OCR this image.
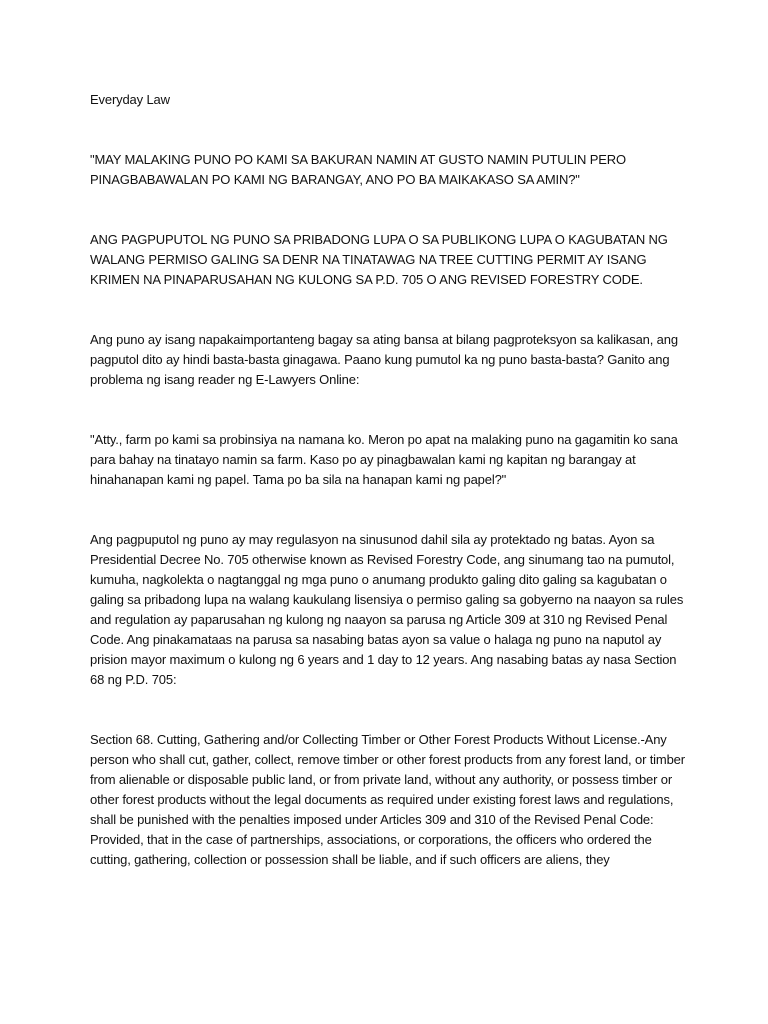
Everyday Law

"MAY MALAKING PUNO PO KAMI SA BAKURAN NAMIN AT GUSTO NAMIN PUTULIN PERO PINAGBABAWALAN PO KAMI NG BARANGAY, ANO PO BA MAIKAKASO SA AMIN?"

ANG PAGPUPUTOL NG PUNO SA PRIBADONG LUPA O SA PUBLIKONG LUPA O KAGUBATAN NG WALANG PERMISO GALING SA DENR NA TINATAWAG NA TREE CUTTING PERMIT AY ISANG KRIMEN NA PINAPARUSAHAN NG KULONG SA P.D. 705 O ANG REVISED FORESTRY CODE.

Ang puno ay isang napakaimportanteng bagay sa ating bansa at bilang pagproteksyon sa kalikasan, ang pagputol dito ay hindi basta-basta ginagawa. Paano kung pumutol ka ng puno basta-basta? Ganito ang problema ng isang reader ng E-Lawyers Online:

"Atty., farm po kami sa probinsiya na namana ko. Meron po apat na malaking puno na gagamitin ko sana para bahay na tinatayo namin sa farm. Kaso po ay pinagbawalan kami ng kapitan ng barangay at hinahanapan kami ng papel. Tama po ba sila na hanapan kami ng papel?"

Ang pagpuputol ng puno ay may regulasyon na sinusunod dahil sila ay protektado ng batas. Ayon sa Presidential Decree No. 705 otherwise known as Revised Forestry Code, ang sinumang tao na pumutol, kumuha, nagkolekta o nagtanggal ng mga puno o anumang produkto galing dito galing sa kagubatan o galing sa pribadong lupa na walang kaukulang lisensiya o permiso galing sa gobyerno na naayon sa rules and regulation ay paparusahan ng kulong ng naayon sa parusa ng Article 309 at 310 ng Revised Penal Code. Ang pinakamataas na parusa sa nasabing batas ayon sa value o halaga ng puno na naputol ay prision mayor maximum o kulong ng 6 years and 1 day to 12 years. Ang nasabing batas ay nasa Section 68 ng P.D. 705:

Section 68. Cutting, Gathering and/or Collecting Timber or Other Forest Products Without License.-Any person who shall cut, gather, collect, remove timber or other forest products from any forest land, or timber from alienable or disposable public land, or from private land, without any authority, or possess timber or other forest products without the legal documents as required under existing forest laws and regulations, shall be punished with the penalties imposed under Articles 309 and 310 of the Revised Penal Code: Provided, that in the case of partnerships, associations, or corporations, the officers who ordered the cutting, gathering, collection or possession shall be liable, and if such officers are aliens, they
